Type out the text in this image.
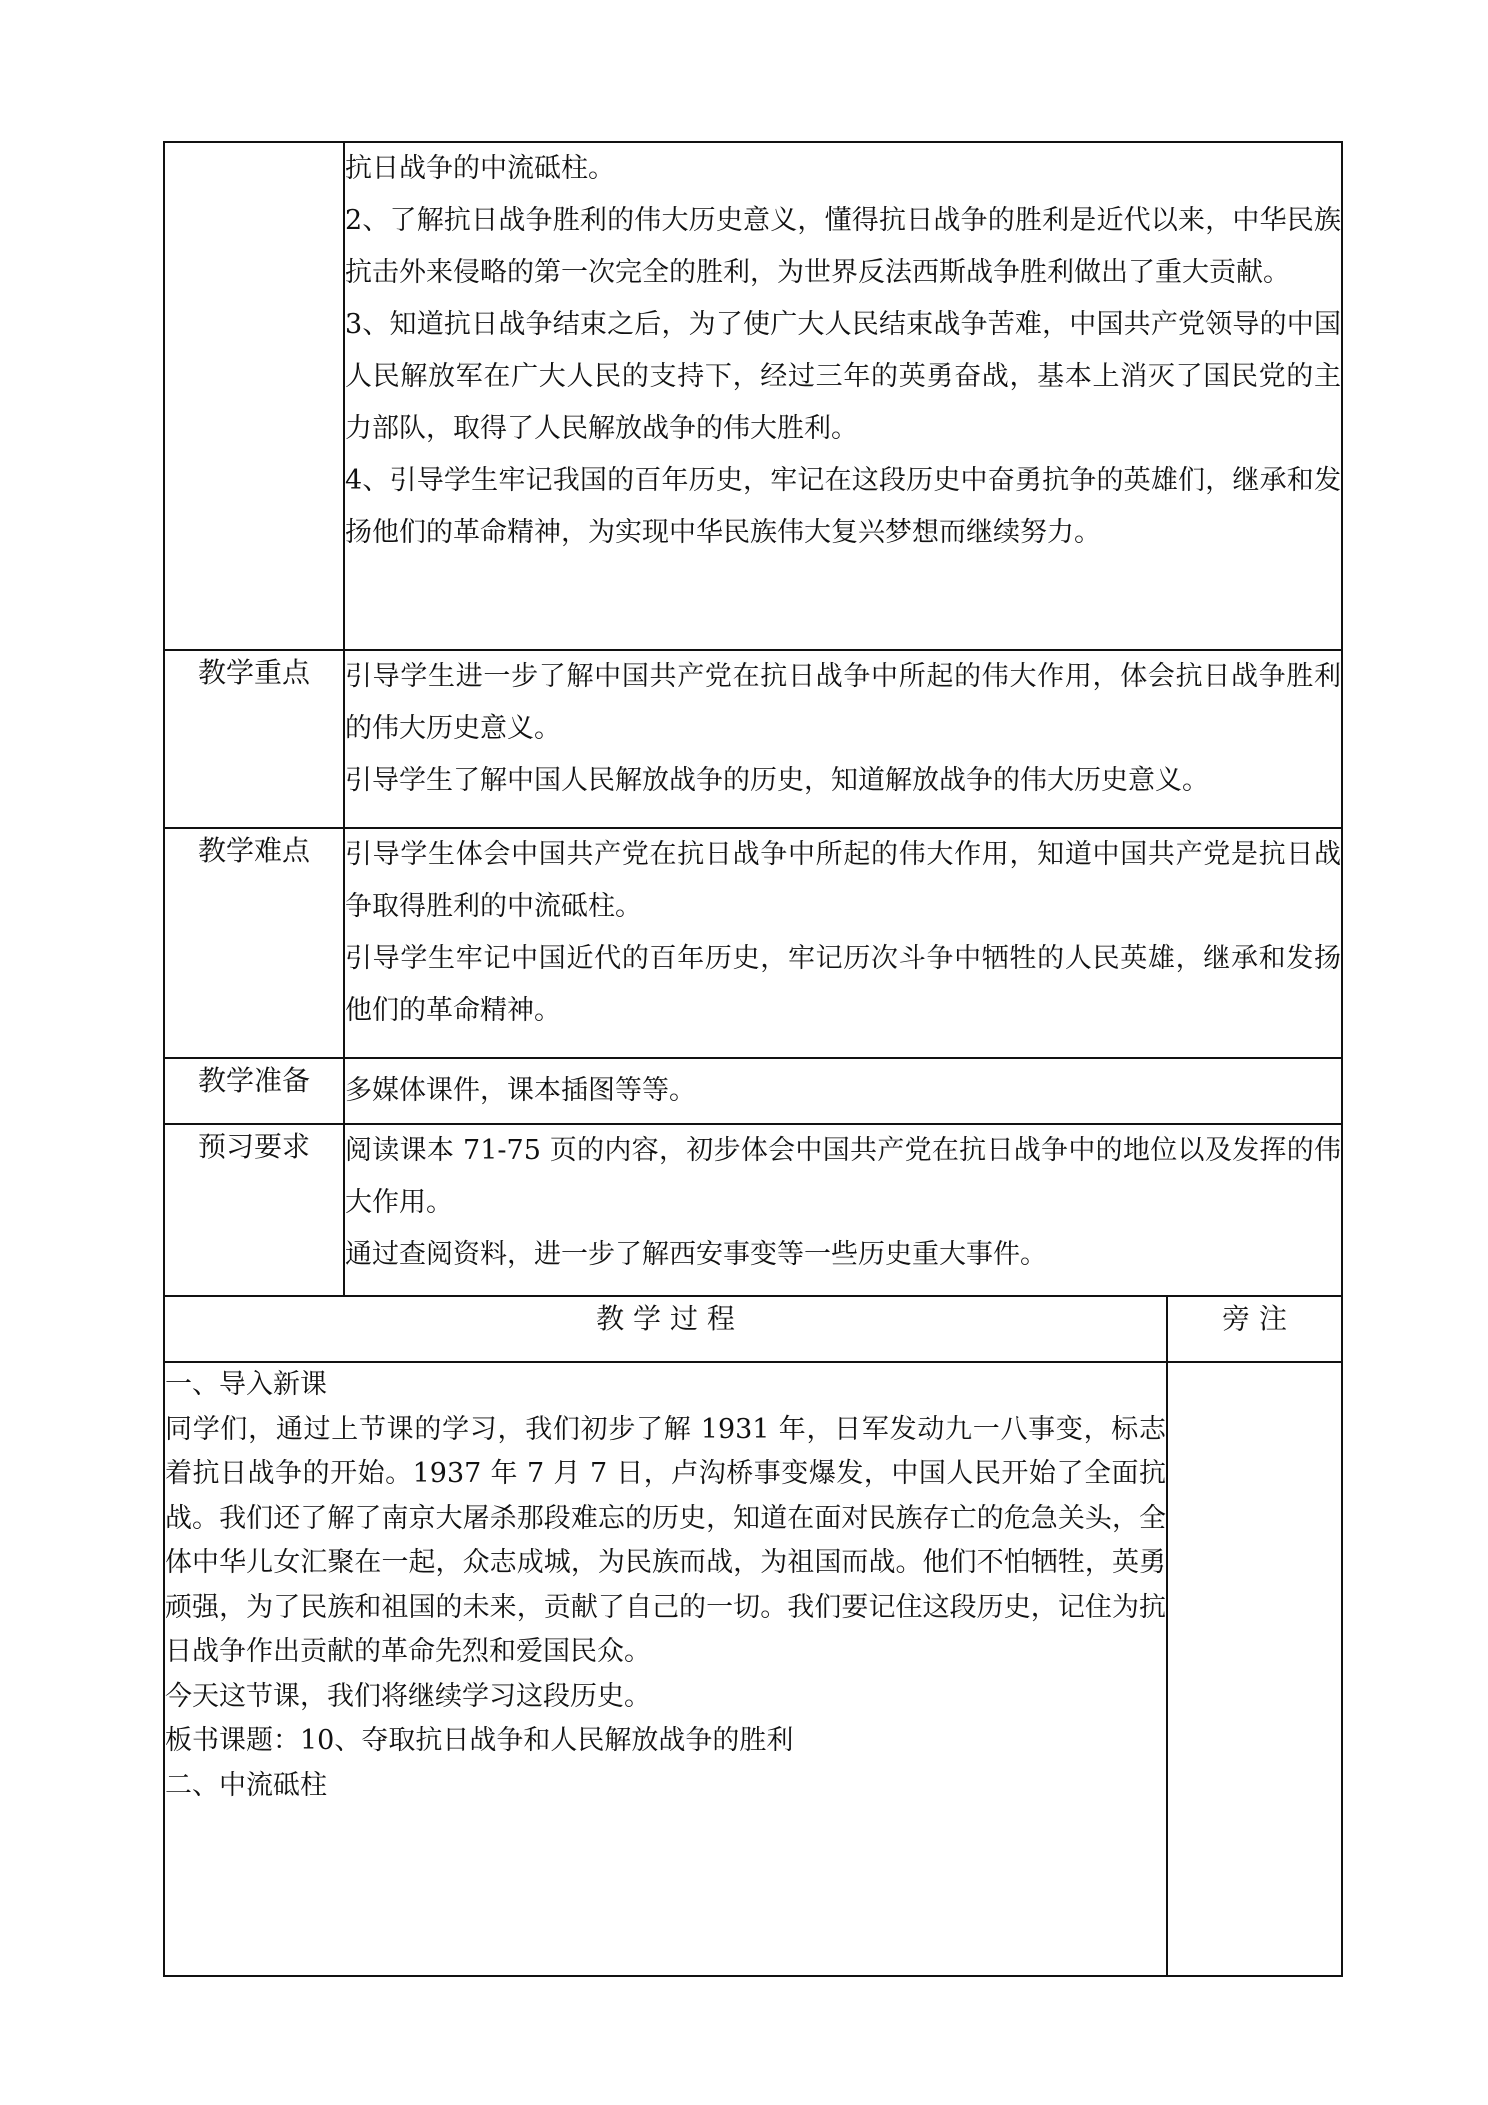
	抗日战争的中流砥柱。

2、了解抗日战争胜利的伟大历史意义，懂得抗日战争的胜利是近代以来，中华民族抗击外来侵略的第一次完全的胜利，为世界反法西斯战争胜利做出了重大贡献。

3、知道抗日战争结束之后，为了使广大人民结束战争苦难，中国共产党领导的中国人民解放军在广大人民的支持下，经过三年的英勇奋战，基本上消灭了国民党的主力部队，取得了人民解放战争的伟大胜利。

4、引导学生牢记我国的百年历史，牢记在这段历史中奋勇抗争的英雄们，继承和发扬他们的革命精神，为实现中华民族伟大复兴梦想而继续努力。	

教学重点	引导学生进一步了解中国共产党在抗日战争中所起的伟大作用，体会抗日战争胜利的伟大历史意义。

引导学生了解中国人民解放战争的历史，知道解放战争的伟大历史意义。	

教学难点	引导学生体会中国共产党在抗日战争中所起的伟大作用，知道中国共产党是抗日战争取得胜利的中流砥柱。

引导学生牢记中国近代的百年历史，牢记历次斗争中牺牲的人民英雄，继承和发扬他们的革命精神。	

教学准备	多媒体课件，课本插图等等。	

预习要求	阅读课本 71-75 页的内容，初步体会中国共产党在抗日战争中的地位以及发挥的伟大作用。

通过查阅资料，进一步了解西安事变等一些历史重大事件。	

教 学 过 程		旁 注

一、导入新课

同学们，通过上节课的学习，我们初步了解 1931 年，日军发动九一八事变，标志着抗日战争的开始。1937 年 7 月 7 日，卢沟桥事变爆发，中国人民开始了全面抗战。我们还了解了南京大屠杀那段难忘的历史，知道在面对民族存亡的危急关头，全体中华儿女汇聚在一起，众志成城，为民族而战，为祖国而战。他们不怕牺牲，英勇顽强，为了民族和祖国的未来，贡献了自己的一切。我们要记住这段历史，记住为抗日战争作出贡献的革命先烈和爱国民众。

今天这节课，我们将继续学习这段历史。

板书课题：10、夺取抗日战争和人民解放战争的胜利

二、中流砥柱		
